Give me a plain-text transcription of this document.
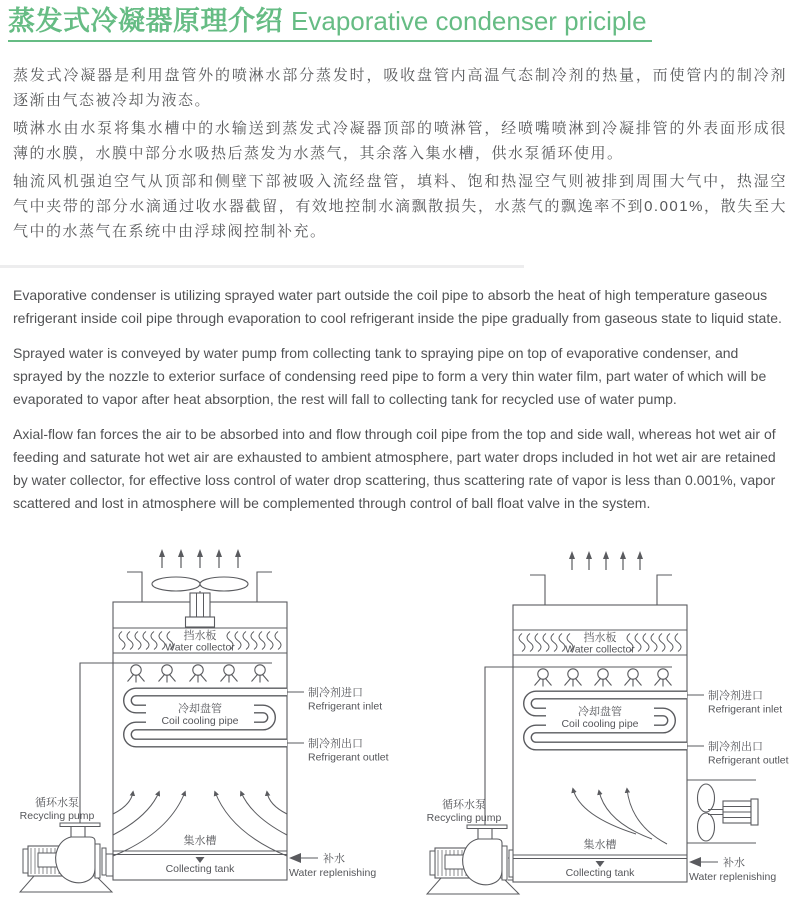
蒸发式冷凝器原理介绍 Evaporative condenser priciple

蒸发式冷凝器是利用盘管外的喷淋水部分蒸发时，吸收盘管内高温气态制冷剂的热量，而使管内的制冷剂逐渐由气态被冷却为液态。

喷淋水由水泵将集水槽中的水输送到蒸发式冷凝器顶部的喷淋管，经喷嘴喷淋到冷凝排管的外表面形成很薄的水膜，水膜中部分水吸热后蒸发为水蒸气，其余落入集水槽，供水泵循环使用。

轴流风机强迫空气从顶部和侧壁下部被吸入流经盘管，填料、饱和热湿空气则被排到周围大气中，热湿空气中夹带的部分水滴通过收水器截留，有效地控制水滴飘散损失，水蒸气的飘逸率不到0.001%，散失至大气中的水蒸气在系统中由浮球阀控制补充。

Evaporative condenser is utilizing sprayed water part outside the coil pipe to absorb the heat of high temperature gaseous refrigerant inside coil pipe through evaporation to cool refrigerant inside the pipe gradually from gaseous state to liquid state.

Sprayed water is conveyed by water pump from collecting tank to spraying pipe on top of evaporative condenser, and sprayed by the nozzle to exterior surface of condensing reed pipe to form a very thin water film, part water of which will be evaporated to vapor after heat absorption, the rest will fall to collecting tank for recycled use of water pump.

Axial-flow fan forces the air to be absorbed into and flow through coil pipe from the top and side wall, whereas hot wet air of feeding and saturate hot wet air are exhausted to ambient atmosphere, part water drops included in hot wet air are retained by water collector, for effective loss control of water drop scattering, thus scattering rate of vapor is less than 0.001%, vapor scattered and lost in atmosphere will be complemented through control of ball float valve in the system.

挡水板
Water collector
冷却盘管
Coil cooling pipe
制冷剂进口
Refrigerant inlet
制冷剂出口
Refrigerant outlet
集水槽
Collecting tank
补水
Water replenishing
循环水泵
Recycling pump
挡水板
Water collector
冷却盘管
Coil cooling pipe
制冷剂进口
Refrigerant inlet
制冷剂出口
Refrigerant outlet
集水槽
Collecting tank
补水
Water replenishing
循环水泵
Recycling pump
